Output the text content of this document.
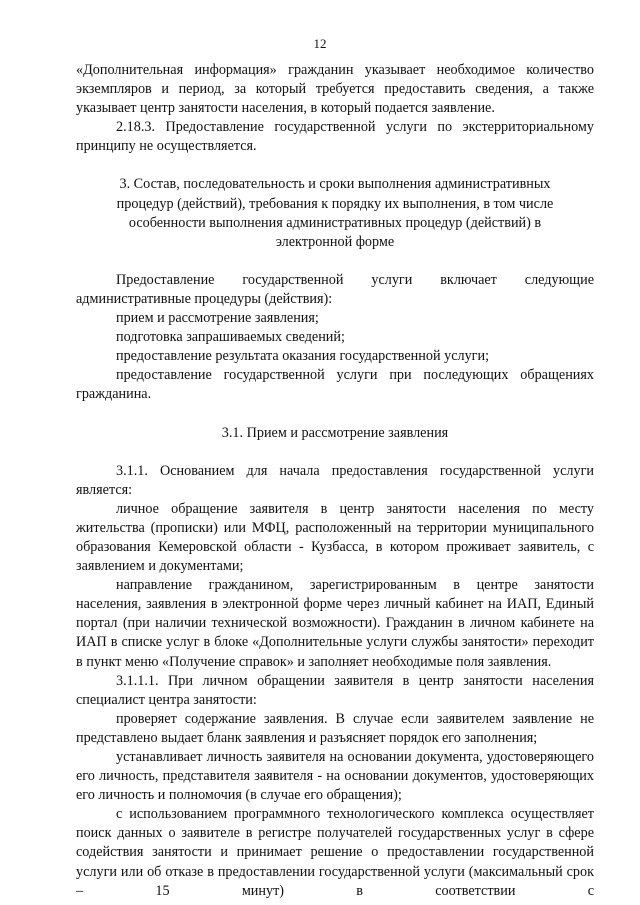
12

«Дополнительная информация» гражданин указывает необходимое количество экземпляров и период, за который требуется предоставить сведения, а также указывает центр занятости населения, в который подается заявление.

2.18.3. Предоставление государственной услуги по экстерриториальному принципу не осуществляется.

3. Состав, последовательность и сроки выполнения административных

процедур (действий), требования к порядку их выполнения, в том числе

особенности выполнения административных процедур (действий) в

электронной форме

Предоставление государственной услуги включает следующие административные процедуры (действия):

прием и рассмотрение заявления;

подготовка запрашиваемых сведений;

предоставление результата оказания государственной услуги;

предоставление государственной услуги при последующих обращениях гражданина.

3.1. Прием и рассмотрение заявления

3.1.1. Основанием для начала предоставления государственной услуги является:

личное обращение заявителя в центр занятости населения по месту жительства (прописки) или МФЦ, расположенный на территории муниципального образования Кемеровской области - Кузбасса, в котором проживает заявитель, с заявлением и документами;

направление гражданином, зарегистрированным в центре занятости населения, заявления в электронной форме через личный кабинет на ИАП, Единый портал (при наличии технической возможности). Гражданин в личном кабинете на ИАП в списке услуг в блоке «Дополнительные услуги службы занятости» переходит в пункт меню «Получение справок» и заполняет необходимые поля заявления.

3.1.1.1. При личном обращении заявителя в центр занятости населения специалист центра занятости:

проверяет содержание заявления. В случае если заявителем заявление не представлено выдает бланк заявления и разъясняет порядок его заполнения;

устанавливает личность заявителя на основании документа, удостоверяющего его личность, представителя заявителя - на основании документов, удостоверяющих его личность и полномочия (в случае его обращения);

с использованием программного технологического комплекса осуществляет поиск данных о заявителе в регистре получателей государственных услуг в сфере содействия занятости и принимает решение о предоставлении государственной услуги или об отказе в предоставлении государственной услуги (максимальный срок – 15 минут) в соответствии с
